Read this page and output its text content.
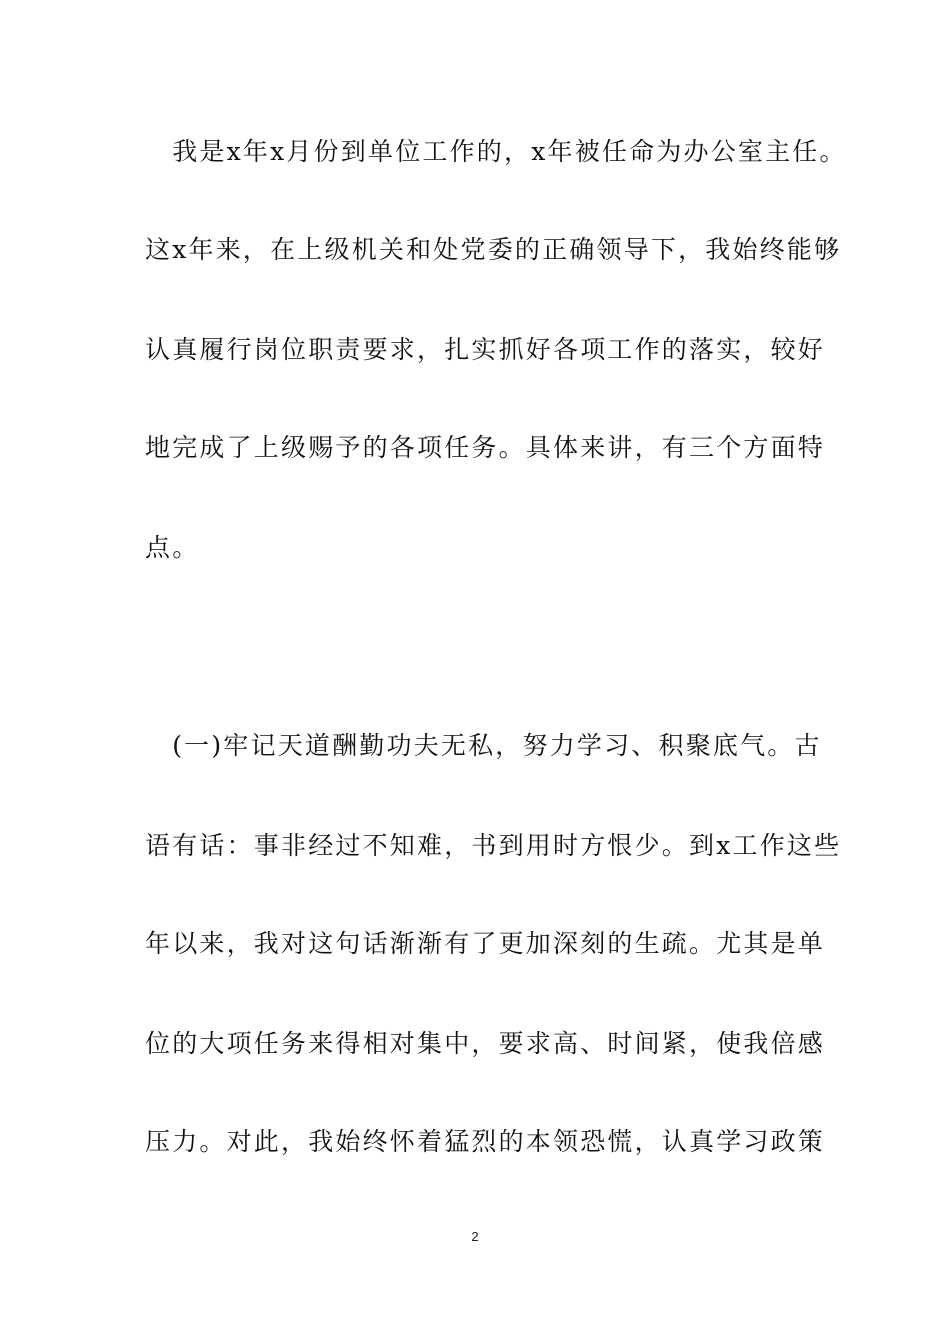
　我是x年x月份到单位工作的，x年被任命为办公室主任。
这x年来，在上级机关和处党委的正确领导下，我始终能够
认真履行岗位职责要求，扎实抓好各项工作的落实，较好
地完成了上级赐予的各项任务。具体来讲，有三个方面特
点。
　(一)牢记天道酬勤功夫无私，努力学习、积聚底气。古
语有话：事非经过不知难，书到用时方恨少。到x工作这些
年以来，我对这句话渐渐有了更加深刻的生疏。尤其是单
位的大项任务来得相对集中，要求高、时间紧，使我倍感
压力。对此，我始终怀着猛烈的本领恐慌，认真学习政策
2
